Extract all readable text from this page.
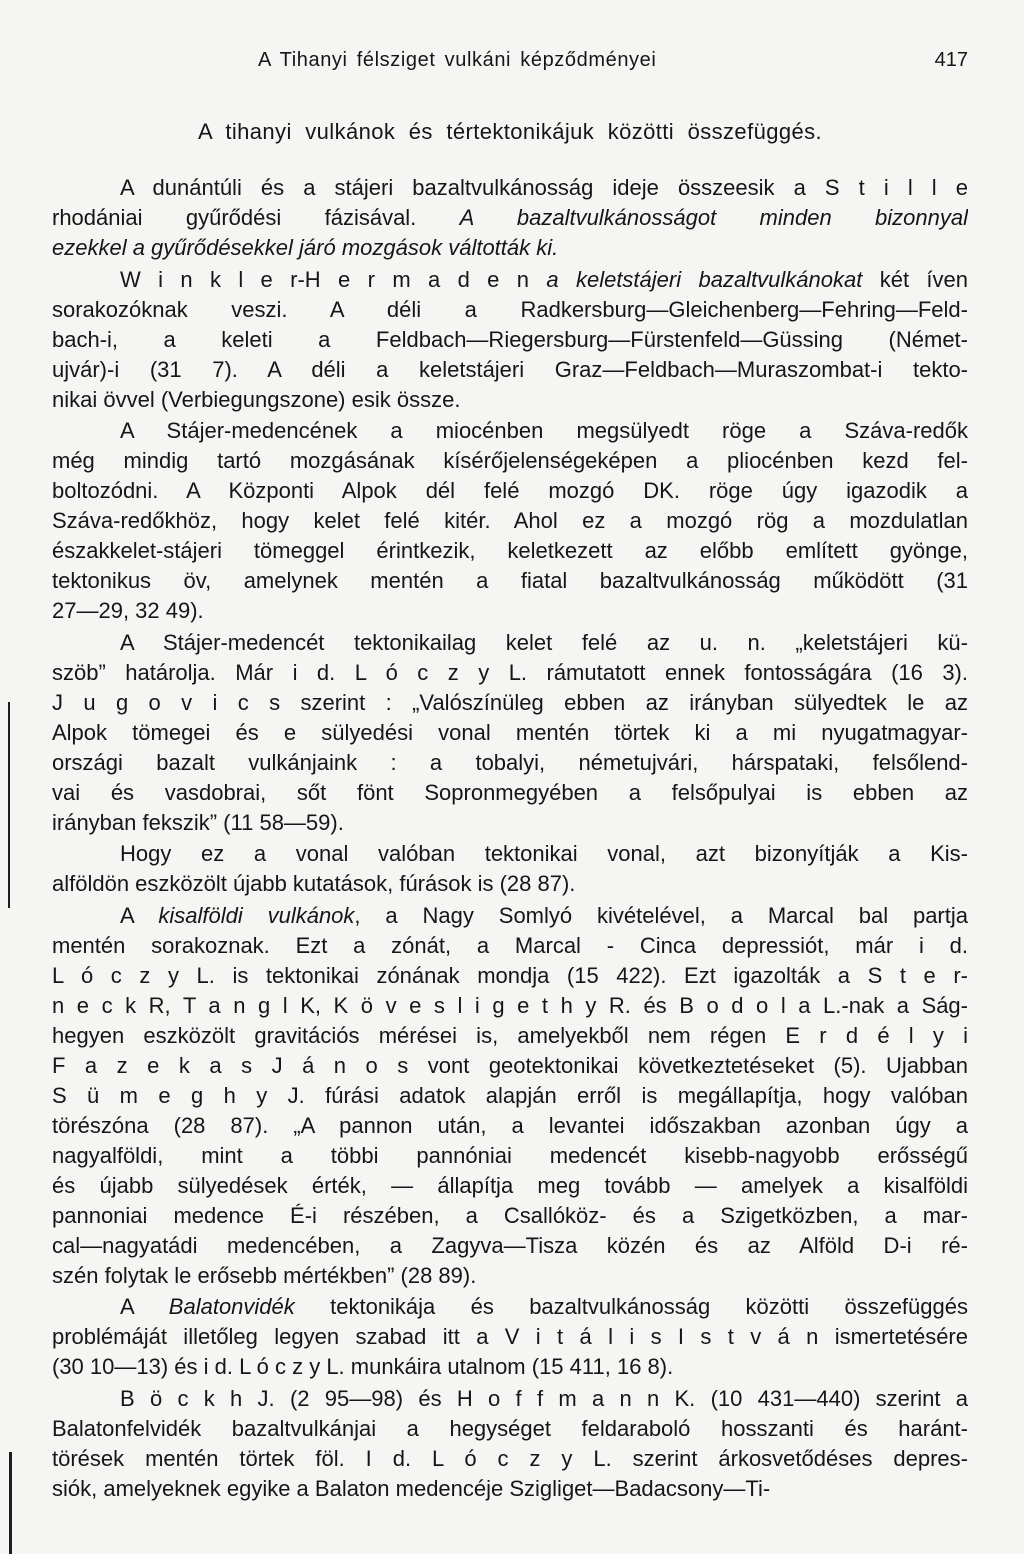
A Tihanyi félsziget vulkáni képződményei	417
A tihanyi vulkánok és tértektonikájuk közötti összefüggés.
A dunántúli és a stájeri bazaltvulkánosság ideje összeesik a S t i l l e
rhodániai gyűrődési fázisával. A bazaltvulkánosságot minden bizonnyal
ezekkel a gyűrődésekkel járó mozgások váltották ki.
W i n k l e r-H e r m a d e n a keletstájeri bazaltvulkánokat két íven
sorakozóknak veszi. A déli a Radkersburg—Gleichenberg—Fehring—Feld-
bach-i, a keleti a Feldbach—Riegersburg—Fürstenfeld—Güssing (Német-
ujvár)-i (31 7). A déli a keletstájeri Graz—Feldbach—Muraszombat-i tekto-
nikai övvel (Verbiegungszone) esik össze.
A Stájer-medencének a miocénben megsülyedt röge a Száva-redők
még mindig tartó mozgásának kísérőjelenségeképen a pliocénben kezd fel-
boltozódni. A Központi Alpok dél felé mozgó DK. röge úgy igazodik a
Száva-redőkhöz, hogy kelet felé kitér. Ahol ez a mozgó rög a mozdulatlan
északkelet-stájeri tömeggel érintkezik, keletkezett az előbb említett gyönge,
tektonikus öv, amelynek mentén a fiatal bazaltvulkánosság működött (31
27—29, 32 49).
A Stájer-medencét tektonikailag kelet felé az u. n. „keletstájeri kü-
szöb” határolja. Már i d. L ó c z y L. rámutatott ennek fontosságára (16 3).
J u g o v i c s szerint : „Valószínüleg ebben az irányban sülyedtek le az
Alpok tömegei és e sülyedési vonal mentén törtek ki a mi nyugatmagyar-
országi bazalt vulkánjaink : a tobalyi, németujvári, hárspataki, felsőlend-
vai és vasdobrai, sőt fönt Sopronmegyében a felsőpulyai is ebben az
irányban fekszik” (11 58—59).
Hogy ez a vonal valóban tektonikai vonal, azt bizonyítják a Kis-
alföldön eszközölt újabb kutatások, fúrások is (28 87).
A kisalföldi vulkánok, a Nagy Somlyó kivételével, a Marcal bal partja
mentén sorakoznak. Ezt a zónát, a Marcal - Cinca depressiót, már i d.
L ó c z y L. is tektonikai zónának mondja (15 422). Ezt igazolták a S t e r-
n e c k R, T a n g l K, K ö v e s l i g e t h y R. és B o d o l a L.-nak a Ság-
hegyen eszközölt gravitációs mérései is, amelyekből nem régen E r d é l y i
F a z e k a s J á n o s vont geotektonikai következtetéseket (5). Ujabban
S ü m e g h y J. fúrási adatok alapján erről is megállapítja, hogy valóban
törészóna (28 87). „A pannon után, a levantei időszakban azonban úgy a
nagyalföldi, mint a többi pannóniai medencét kisebb-nagyobb erősségű
és újabb sülyedések érték, — állapítja meg tovább — amelyek a kisalföldi
pannoniai medence É-i részében, a Csallóköz- és a Szigetközben, a mar-
cal—nagyatádi medencében, a Zagyva—Tisza közén és az Alföld D-i ré-
szén folytak le erősebb mértékben” (28 89).
A Balatonvidék tektonikája és bazaltvulkánosság közötti összefüggés
problémáját illetőleg legyen szabad itt a V i t á l i s I s t v á n ismertetésére
(30 10—13) és i d. L ó c z y L. munkáira utalnom (15 411, 16 8).
B ö c k h J. (2 95—98) és H o f f m a n n K. (10 431—440) szerint a
Balatonfelvidék bazaltvulkánjai a hegységet feldaraboló hosszanti és haránt-
törések mentén törtek föl. I d. L ó c z y L. szerint árkosvetődéses depres-
siók, amelyeknek egyike a Balaton medencéje Szigliget—Badacsony—Ti-
